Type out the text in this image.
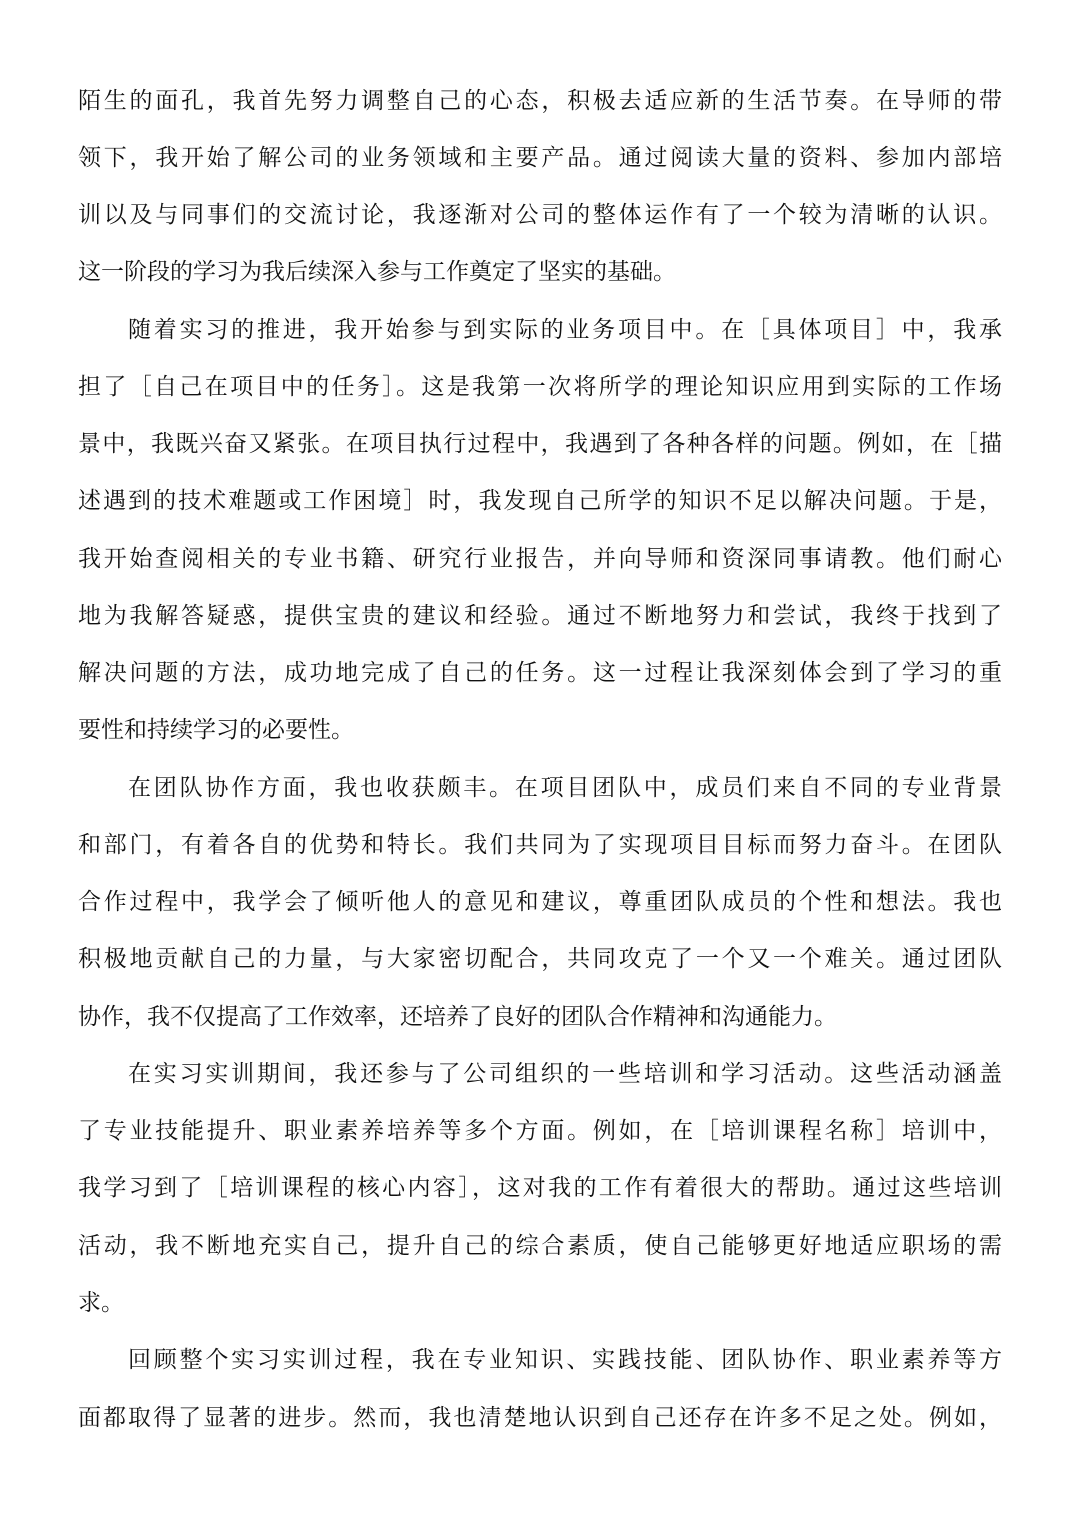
陌生的面孔，我首先努力调整自己的心态，积极去适应新的生活节奏。在导师的带
领下，我开始了解公司的业务领域和主要产品。通过阅读大量的资料、参加内部培
训以及与同事们的交流讨论，我逐渐对公司的整体运作有了一个较为清晰的认识。
这一阶段的学习为我后续深入参与工作奠定了坚实的基础。
随着实习的推进，我开始参与到实际的业务项目中。在［具体项目］中，我承
担了［自己在项目中的任务］。这是我第一次将所学的理论知识应用到实际的工作场
景中，我既兴奋又紧张。在项目执行过程中，我遇到了各种各样的问题。例如，在［描
述遇到的技术难题或工作困境］时，我发现自己所学的知识不足以解决问题。于是，
我开始查阅相关的专业书籍、研究行业报告，并向导师和资深同事请教。他们耐心
地为我解答疑惑，提供宝贵的建议和经验。通过不断地努力和尝试，我终于找到了
解决问题的方法，成功地完成了自己的任务。这一过程让我深刻体会到了学习的重
要性和持续学习的必要性。
在团队协作方面，我也收获颇丰。在项目团队中，成员们来自不同的专业背景
和部门，有着各自的优势和特长。我们共同为了实现项目目标而努力奋斗。在团队
合作过程中，我学会了倾听他人的意见和建议，尊重团队成员的个性和想法。我也
积极地贡献自己的力量，与大家密切配合，共同攻克了一个又一个难关。通过团队
协作，我不仅提高了工作效率，还培养了良好的团队合作精神和沟通能力。
在实习实训期间，我还参与了公司组织的一些培训和学习活动。这些活动涵盖
了专业技能提升、职业素养培养等多个方面。例如，在［培训课程名称］培训中，
我学习到了［培训课程的核心内容］，这对我的工作有着很大的帮助。通过这些培训
活动，我不断地充实自己，提升自己的综合素质，使自己能够更好地适应职场的需
求。
回顾整个实习实训过程，我在专业知识、实践技能、团队协作、职业素养等方
面都取得了显著的进步。然而，我也清楚地认识到自己还存在许多不足之处。例如，
